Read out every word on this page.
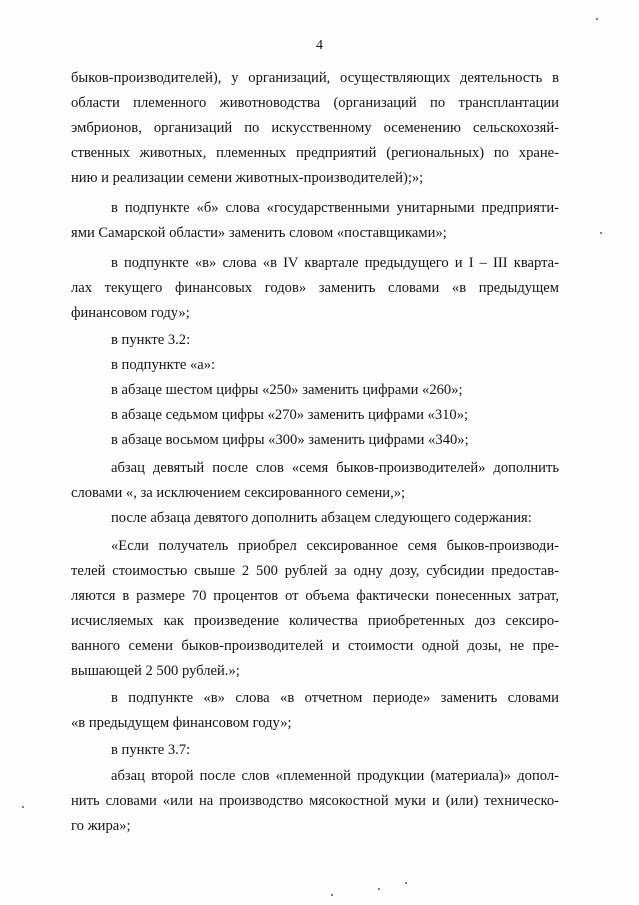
4
быков-производителей), у организаций, осуществляющих деятельность в
области племенного животноводства (организаций по трансплантации
эмбрионов, организаций по искусственному осеменению сельскохозяй-
ственных животных, племенных предприятий (региональных) по хране-
нию и реализации семени животных-производителей);»;
в подпункте «б» слова «государственными унитарными предприяти-
ями Самарской области» заменить словом «поставщиками»;
в подпункте «в» слова «в IV квартале предыдущего и I – III кварта-
лах текущего финансовых годов» заменить словами «в предыдущем
финансовом году»;
в пункте 3.2:
в подпункте «а»:
в абзаце шестом цифры «250» заменить цифрами «260»;
в абзаце седьмом цифры «270» заменить цифрами «310»;
в абзаце восьмом цифры «300» заменить цифрами «340»;
абзац девятый после слов «семя быков-производителей» дополнить
словами «, за исключением сексированного семени,»;
после абзаца девятого дополнить абзацем следующего содержания:
«Если получатель приобрел сексированное семя быков-производи-
телей стоимостью свыше 2 500 рублей за одну дозу, субсидии предостав-
ляются в размере 70 процентов от объема фактически понесенных затрат,
исчисляемых как произведение количества приобретенных доз сексиро-
ванного семени быков-производителей и стоимости одной дозы, не пре-
вышающей 2 500 рублей.»;
в подпункте «в» слова «в отчетном периоде» заменить словами
«в предыдущем финансовом году»;
в пункте 3.7:
абзац второй после слов «племенной продукции (материала)» допол-
нить словами «или на производство мясокостной муки и (или) техническо-
го жира»;
